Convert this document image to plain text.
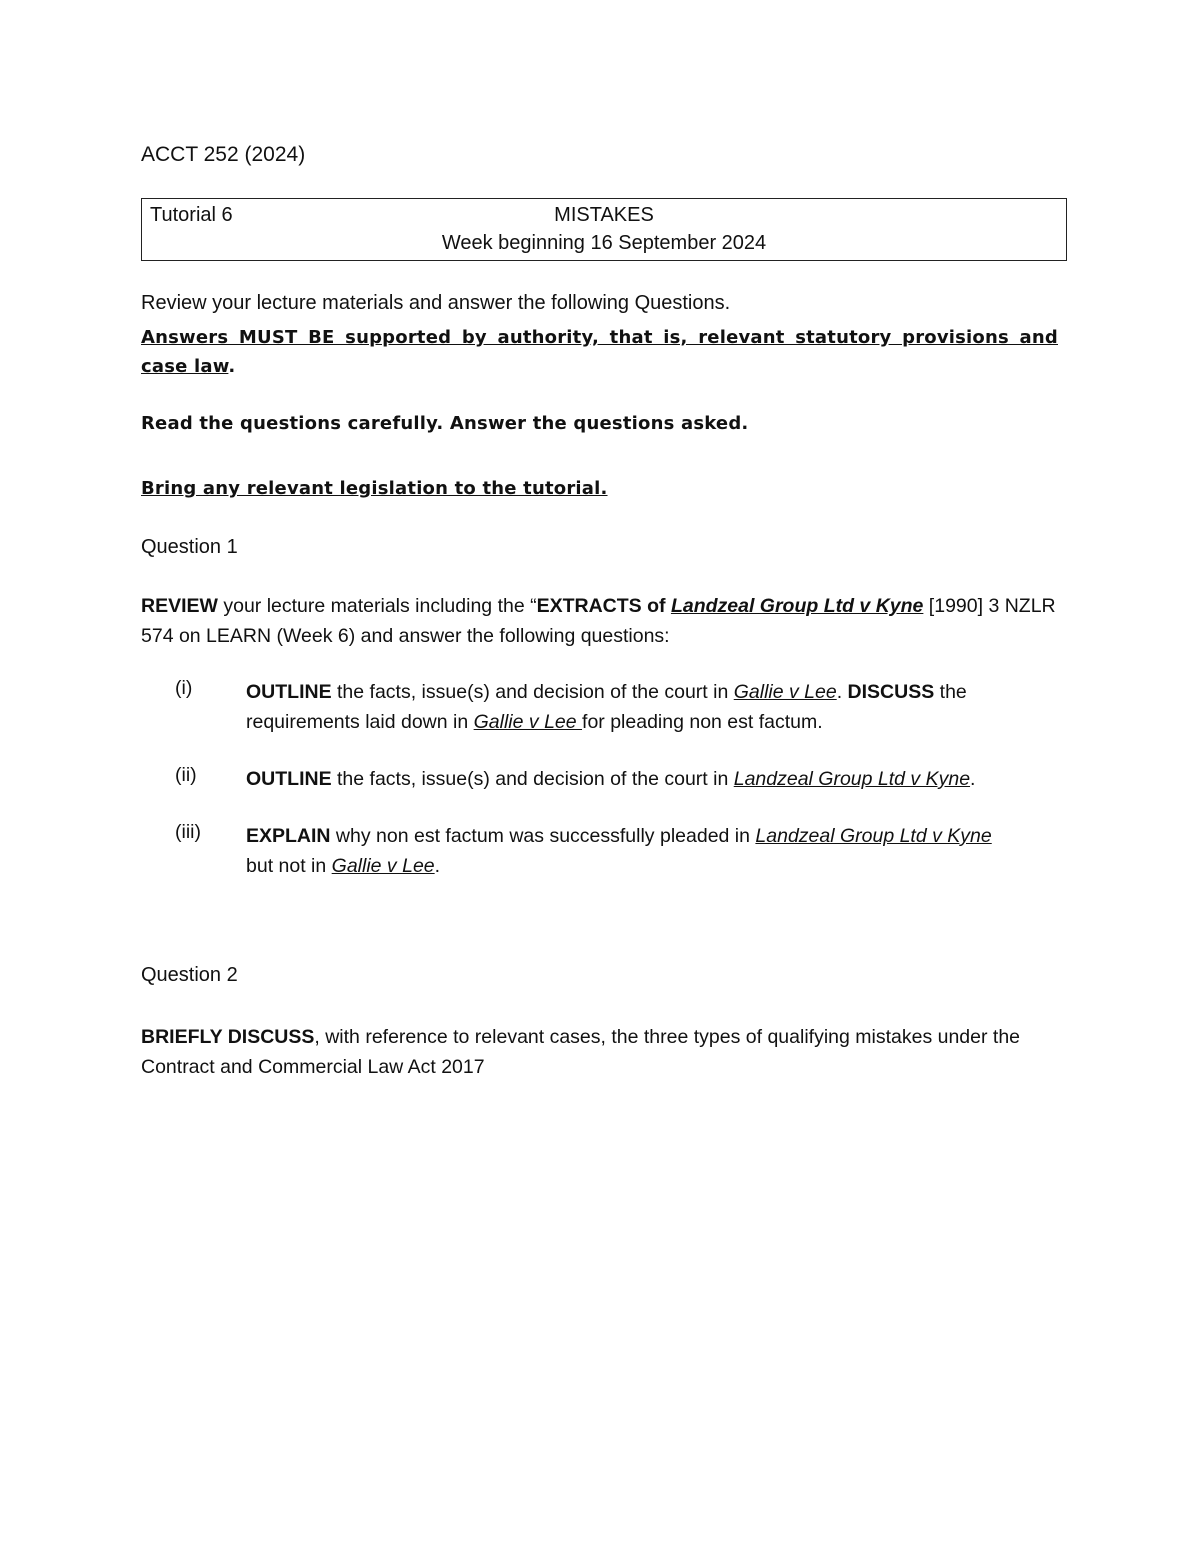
ACCT 252 (2024)
Tutorial 6	MISTAKES
Week beginning 16 September 2024
Review your lecture materials and answer the following Questions.
Answers MUST BE supported by authority, that is, relevant statutory provisions and case law.
Read the questions carefully. Answer the questions asked.
Bring any relevant legislation to the tutorial.
Question 1
REVIEW your lecture materials including the “EXTRACTS of Landzeal Group Ltd v Kyne [1990] 3 NZLR 574 on LEARN (Week 6) and answer the following questions:
(i)	OUTLINE the facts, issue(s) and decision of the court in Gallie v Lee. DISCUSS the requirements laid down in Gallie v Lee for pleading non est factum.
(ii)	OUTLINE the facts, issue(s) and decision of the court in Landzeal Group Ltd v Kyne.
(iii) EXPLAIN why non est factum was successfully pleaded in Landzeal Group Ltd v Kyne but not in Gallie v Lee.
Question 2
BRIEFLY DISCUSS, with reference to relevant cases, the three types of qualifying mistakes under the Contract and Commercial Law Act 2017
